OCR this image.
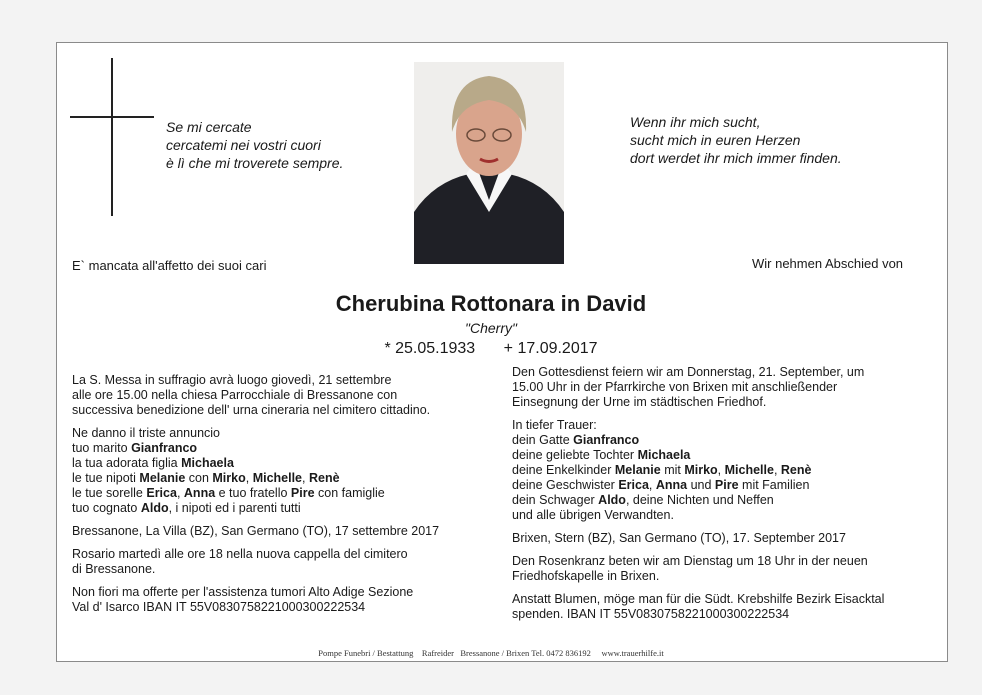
Se mi cercate
cercatemi nei vostri cuori
è lì che mi troverete sempre.
Wenn ihr mich sucht,
sucht mich in euren Herzen
dort werdet ihr mich immer finden.
E` mancata all'affetto dei suoi cari	Wir nehmen Abschied von
Cherubina Rottonara in David
"Cherry"
* 25.05.1933 + 17.09.2017

La S. Messa in suffragio avrà luogo giovedì, 21 settembre

alle ore 15.00 nella chiesa Parrocchiale di Bressanone con

successiva benedizione dell' urna cineraria nel cimitero cittadino.

Ne danno il triste annuncio

tuo marito Gianfranco

la tua adorata figlia Michaela

le tue nipoti Melanie con Mirko, Michelle, Renè

le tue sorelle Erica, Anna e tuo fratello Pire con famiglie

tuo cognato Aldo, i nipoti ed i parenti tutti

Bressanone, La Villa (BZ), San Germano (TO), 17 settembre 2017

Rosario martedì alle ore 18 nella nuova cappella del cimitero

di Bressanone.

Non fiori ma offerte per l'assistenza tumori Alto Adige Sezione

Val d' Isarco IBAN IT 55V0830758221000300222534

Den Gottesdienst feiern wir am Donnerstag, 21. September, um

15.00 Uhr in der Pfarrkirche von Brixen mit anschließender

Einsegnung der Urne im städtischen Friedhof.

In tiefer Trauer:

dein Gatte Gianfranco

deine geliebte Tochter Michaela

deine Enkelkinder Melanie mit Mirko, Michelle, Renè

deine Geschwister Erica, Anna und Pire mit Familien

dein Schwager Aldo, deine Nichten und Neffen

und alle übrigen Verwandten.

Brixen, Stern (BZ), San Germano (TO), 17. September 2017

Den Rosenkranz beten wir am Dienstag um 18 Uhr in der neuen

Friedhofskapelle in Brixen.

Anstatt Blumen, möge man für die Südt. Krebshilfe Bezirk Eisacktal

spenden. IBAN IT 55V0830758221000300222534

Pompe Funebri / Bestattung    Rafreider   Bressanone / Brixen Tel. 0472 836192     www.trauerhilfe.it
